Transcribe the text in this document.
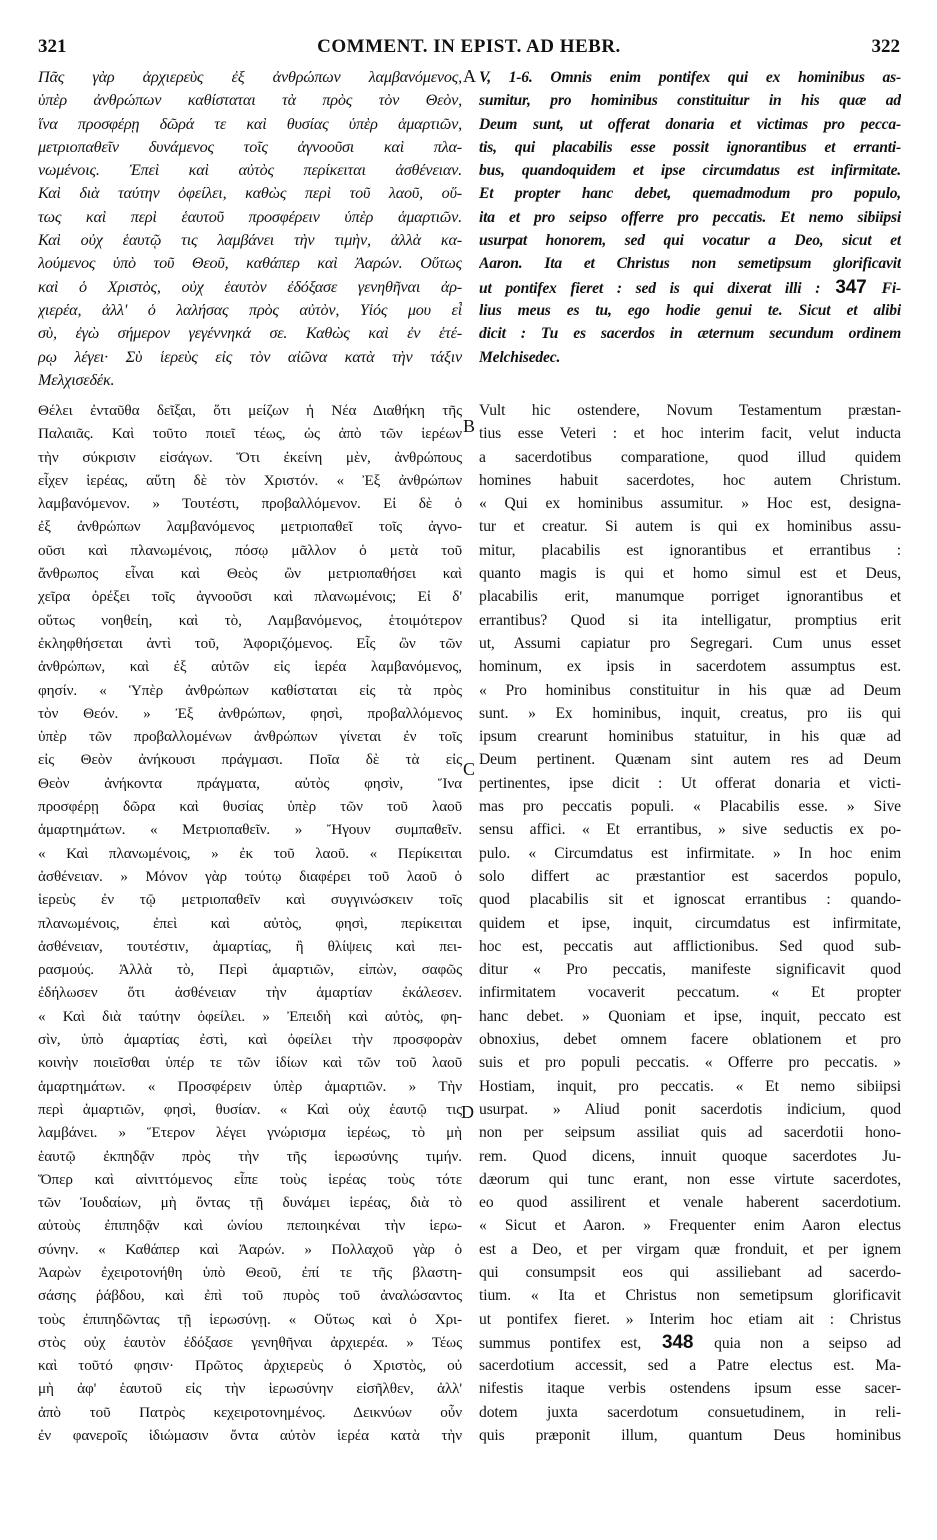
321	COMMENT. IN EPIST. AD HEBR.	322
A
B
C
D
Πᾶς γὰρ ἀρχιερεὺς ἐξ ἀνθρώπων λαμβανόμενος,
ὑπὲρ ἀνθρώπων καθίσταται τὰ πρὸς τὸν Θεὸν,
ἵνα προσφέρῃ δῶρά τε καὶ θυσίας ὑπὲρ ἁμαρτιῶν,
μετριοπαθεῖν δυνάμενος τοῖς ἀγνοοῦσι καὶ πλα-
νωμένοις. Ἐπεὶ καὶ αὐτὸς περίκειται ἀσθένειαν.
Καὶ διὰ ταύτην ὀφείλει, καθὼς περὶ τοῦ λαοῦ, οὕ-
τως καὶ περὶ ἑαυτοῦ προσφέρειν ὑπὲρ ἁμαρτιῶν.
Καὶ οὐχ ἑαυτῷ τις λαμβάνει τὴν τιμὴν, ἀλλὰ κα-
λούμενος ὑπὸ τοῦ Θεοῦ, καθάπερ καὶ Ἀαρών. Οὕτως
καὶ ὁ Χριστὸς, οὐχ ἑαυτὸν ἐδόξασε γενηθῆναι ἀρ-
χιερέα, ἀλλ' ὁ λαλήσας πρὸς αὐτὸν, Υἱός μου εἶ
σὺ, ἐγὼ σήμερον γεγέννηκά σε. Καθὼς καὶ ἐν ἑτέ-
ρῳ λέγει· Σὺ ἱερεὺς εἰς τὸν αἰῶνα κατὰ τὴν τάξιν
Μελχισεδέκ.
Θέλει ἐνταῦθα δεῖξαι, ὅτι μείζων ἡ Νέα Διαθήκη τῆς
Παλαιᾶς. Καὶ τοῦτο ποιεῖ τέως, ὡς ἀπὸ τῶν ἱερέων
τὴν σύκρισιν εἰσάγων. Ὅτι ἐκείνη μὲν, ἀνθρώπους
εἶχεν ἱερέας, αὕτη δὲ τὸν Χριστόν. « Ἐξ ἀνθρώπων
λαμβανόμενον. » Τουτέστι, προβαλλόμενον. Εἰ δὲ ὁ
ἐξ ἀνθρώπων λαμβανόμενος μετριοπαθεῖ τοῖς ἀγνο-
οῦσι καὶ πλανωμένοις, πόσῳ μᾶλλον ὁ μετὰ τοῦ
ἄνθρωπος εἶναι καὶ Θεὸς ὢν μετριοπαθήσει καὶ
χεῖρα ὀρέξει τοῖς ἀγνοοῦσι καὶ πλανωμένοις; Εἰ δ'
οὕτως νοηθείη, καὶ τὸ, Λαμβανόμενος, ἑτοιμότερον
ἐκληφθήσεται ἀντὶ τοῦ, Ἀφοριζόμενος. Εἷς ὢν τῶν
ἀνθρώπων, καὶ ἐξ αὐτῶν εἰς ἱερέα λαμβανόμενος,
φησίν. « Ὑπὲρ ἀνθρώπων καθίσταται εἰς τὰ πρὸς
τὸν Θεόν. » Ἐξ ἀνθρώπων, φησὶ, προβαλλόμενος
ὑπὲρ τῶν προβαλλομένων ἀνθρώπων γίνεται ἐν τοῖς
εἰς Θεὸν ἀνήκουσι πράγμασι. Ποῖα δὲ τὰ εἰς
Θεὸν ἀνήκοντα πράγματα, αὐτὸς φησὶν, Ἵνα
προσφέρῃ δῶρα καὶ θυσίας ὑπὲρ τῶν τοῦ λαοῦ
ἁμαρτημάτων. « Μετριοπαθεῖν. » Ἤγουν συμπαθεῖν.
« Καὶ πλανωμένοις, » ἐκ τοῦ λαοῦ. « Περίκειται
ἀσθένειαν. » Μόνον γὰρ τούτῳ διαφέρει τοῦ λαοῦ ὁ
ἱερεὺς ἐν τῷ μετριοπαθεῖν καὶ συγγινώσκειν τοῖς
πλανωμένοις, ἐπεὶ καὶ αὐτὸς, φησὶ, περίκειται
ἀσθένειαν, τουτέστιν, ἁμαρτίας, ἢ θλίψεις καὶ πει-
ρασμούς. Ἀλλὰ τὸ, Περὶ ἁμαρτιῶν, εἰπὼν, σαφῶς
ἐδήλωσεν ὅτι ἀσθένειαν τὴν ἁμαρτίαν ἐκάλεσεν.
« Καὶ διὰ ταύτην ὀφείλει. » Ἐπειδὴ καὶ αὐτὸς, φη-
σὶν, ὑπὸ ἁμαρτίας ἐστὶ, καὶ ὀφείλει τὴν προσφορὰν
κοινὴν ποιεῖσθαι ὑπέρ τε τῶν ἰδίων καὶ τῶν τοῦ λαοῦ
ἁμαρτημάτων. « Προσφέρειν ὑπὲρ ἁμαρτιῶν. » Τὴν
περὶ ἁμαρτιῶν, φησὶ, θυσίαν. « Καὶ οὐχ ἑαυτῷ τις
λαμβάνει. » Ἕτερον λέγει γνώρισμα ἱερέως, τὸ μὴ
ἑαυτῷ ἐκπηδᾷν πρὸς τὴν τῆς ἱερωσύνης τιμήν.
Ὅπερ καὶ αἰνιττόμενος εἶπε τοὺς ἱερέας τοὺς τότε
τῶν Ἰουδαίων, μὴ ὄντας τῇ δυνάμει ἱερέας, διὰ τὸ
αὐτοὺς ἐπιπηδᾷν καὶ ὠνίου πεποιηκέναι τὴν ἱερω-
σύνην. « Καθάπερ καὶ Ἀαρών. » Πολλαχοῦ γὰρ ὁ
Ἀαρὼν ἐχειροτονήθη ὑπὸ Θεοῦ, ἐπί τε τῆς βλαστη-
σάσης ῥάβδου, καὶ ἐπὶ τοῦ πυρὸς τοῦ ἀναλώσαντος
τοὺς ἐπιπηδῶντας τῇ ἱερωσύνῃ. « Οὕτως καὶ ὁ Χρι-
στὸς οὐχ ἑαυτὸν ἐδόξασε γενηθῆναι ἀρχιερέα. » Τέως
καὶ τοῦτό φησιν· Πρῶτος ἀρχιερεὺς ὁ Χριστὸς, οὐ
μὴ ἀφ' ἑαυτοῦ εἰς τὴν ἱερωσύνην εἰσῆλθεν, ἀλλ'
ἀπὸ τοῦ Πατρὸς κεχειροτονημένος. Δεικνύων οὖν
ἐν φανεροῖς ἰδιώμασιν ὄντα αὐτὸν ἱερέα κατὰ τὴν
V, 1-6. Omnis enim pontifex qui ex hominibus as-
sumitur, pro hominibus constituitur in his quæ ad
Deum sunt, ut offerat donaria et victimas pro pecca-
tis, qui placabilis esse possit ignorantibus et erranti-
bus, quandoquidem et ipse circumdatus est infirmitate.
Et propter hanc debet, quemadmodum pro populo,
ita et pro seipso offerre pro peccatis. Et nemo sibiipsi
usurpat honorem, sed qui vocatur a Deo, sicut et
Aaron. Ita et Christus non semetipsum glorificavit
ut pontifex fieret : sed is qui dixerat illi : 347 Fi-
lius meus es tu, ego hodie genui te. Sicut et alibi
dicit : Tu es sacerdos in æternum secundum ordinem
Melchisedec.
Vult hic ostendere, Novum Testamentum præstan-
tius esse Veteri : et hoc interim facit, velut inducta
a sacerdotibus comparatione, quod illud quidem
homines habuit sacerdotes, hoc autem Christum.
« Qui ex hominibus assumitur. » Hoc est, designa-
tur et creatur. Si autem is qui ex hominibus assu-
mitur, placabilis est ignorantibus et errantibus :
quanto magis is qui et homo simul est et Deus,
placabilis erit, manumque porriget ignorantibus et
errantibus? Quod si ita intelligatur, promptius erit
ut, Assumi capiatur pro Segregari. Cum unus esset
hominum, ex ipsis in sacerdotem assumptus est.
« Pro hominibus constituitur in his quæ ad Deum
sunt. » Ex hominibus, inquit, creatus, pro iis qui
ipsum crearunt hominibus statuitur, in his quæ ad
Deum pertinent. Quænam sint autem res ad Deum
pertinentes, ipse dicit : Ut offerat donaria et victi-
mas pro peccatis populi. « Placabilis esse. » Sive
sensu affici. « Et errantibus, » sive seductis ex po-
pulo. « Circumdatus est infirmitate. » In hoc enim
solo differt ac præstantior est sacerdos populo,
quod placabilis sit et ignoscat errantibus : quando-
quidem et ipse, inquit, circumdatus est infirmitate,
hoc est, peccatis aut afflictionibus. Sed quod sub-
ditur « Pro peccatis, manifeste significavit quod
infirmitatem vocaverit peccatum. « Et propter
hanc debet. » Quoniam et ipse, inquit, peccato est
obnoxius, debet omnem facere oblationem et pro
suis et pro populi peccatis. « Offerre pro peccatis. »
Hostiam, inquit, pro peccatis. « Et nemo sibiipsi
usurpat. » Aliud ponit sacerdotis indicium, quod
non per seipsum assiliat quis ad sacerdotii hono-
rem. Quod dicens, innuit quoque sacerdotes Ju-
dæorum qui tunc erant, non esse virtute sacerdotes,
eo quod assilirent et venale haberent sacerdotium.
« Sicut et Aaron. » Frequenter enim Aaron electus
est a Deo, et per virgam quæ fronduit, et per ignem
qui consumpsit eos qui assiliebant ad sacerdo-
tium. « Ita et Christus non semetipsum glorificavit
ut pontifex fieret. » Interim hoc etiam ait : Christus
summus pontifex est, 348 quia non a seipso ad
sacerdotium accessit, sed a Patre electus est. Ma-
nifestis itaque verbis ostendens ipsum esse sacer-
dotem juxta sacerdotum consuetudinem, in reli-
quis præponit illum, quantum Deus hominibus
